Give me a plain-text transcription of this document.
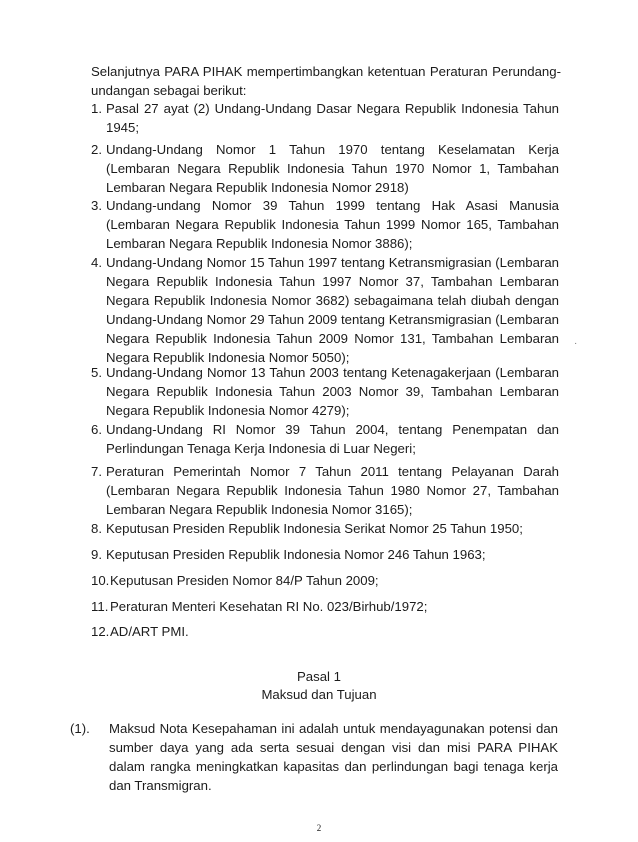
Selanjutnya PARA PIHAK mempertimbangkan ketentuan Peraturan Perundang-undangan sebagai berikut:

1. Pasal 27 ayat (2) Undang-Undang Dasar Negara Republik Indonesia Tahun 1945;
2. Undang-Undang Nomor 1 Tahun 1970 tentang Keselamatan Kerja (Lembaran Negara Republik Indonesia Tahun 1970 Nomor 1, Tambahan Lembaran Negara Republik Indonesia Nomor 2918)
3. Undang-undang Nomor 39 Tahun 1999 tentang Hak Asasi Manusia (Lembaran Negara Republik Indonesia Tahun 1999 Nomor 165, Tambahan Lembaran Negara Republik Indonesia Nomor 3886);
4. Undang-Undang Nomor 15 Tahun 1997 tentang Ketransmigrasian (Lembaran Negara Republik Indonesia Tahun 1997 Nomor 37, Tambahan Lembaran Negara Republik Indonesia Nomor 3682) sebagaimana telah diubah dengan Undang-Undang Nomor 29 Tahun 2009 tentang Ketransmigrasian (Lembaran Negara Republik Indonesia Tahun 2009 Nomor 131, Tambahan Lembaran Negara Republik Indonesia Nomor 5050);
5. Undang-Undang Nomor 13 Tahun 2003 tentang Ketenagakerjaan (Lembaran Negara Republik Indonesia Tahun 2003 Nomor 39, Tambahan Lembaran Negara Republik Indonesia Nomor 4279);
6. Undang-Undang RI Nomor 39 Tahun 2004, tentang Penempatan dan Perlindungan Tenaga Kerja Indonesia di Luar Negeri;
7. Peraturan Pemerintah Nomor 7 Tahun 2011 tentang Pelayanan Darah (Lembaran Negara Republik Indonesia Tahun 1980 Nomor 27, Tambahan Lembaran Negara Republik Indonesia Nomor 3165);
8. Keputusan Presiden Republik Indonesia Serikat Nomor 25 Tahun 1950;
9. Keputusan Presiden Republik Indonesia Nomor 246 Tahun 1963;
10. Keputusan Presiden Nomor 84/P Tahun 2009;
11. Peraturan Menteri Kesehatan RI No. 023/Birhub/1972;
12. AD/ART PMI.
Pasal 1
Maksud dan Tujuan
(1). Maksud Nota Kesepahaman ini adalah untuk mendayagunakan potensi dan sumber daya yang ada serta sesuai dengan visi dan misi PARA PIHAK dalam rangka meningkatkan kapasitas dan perlindungan bagi tenaga kerja dan Transmigran.
·
2
